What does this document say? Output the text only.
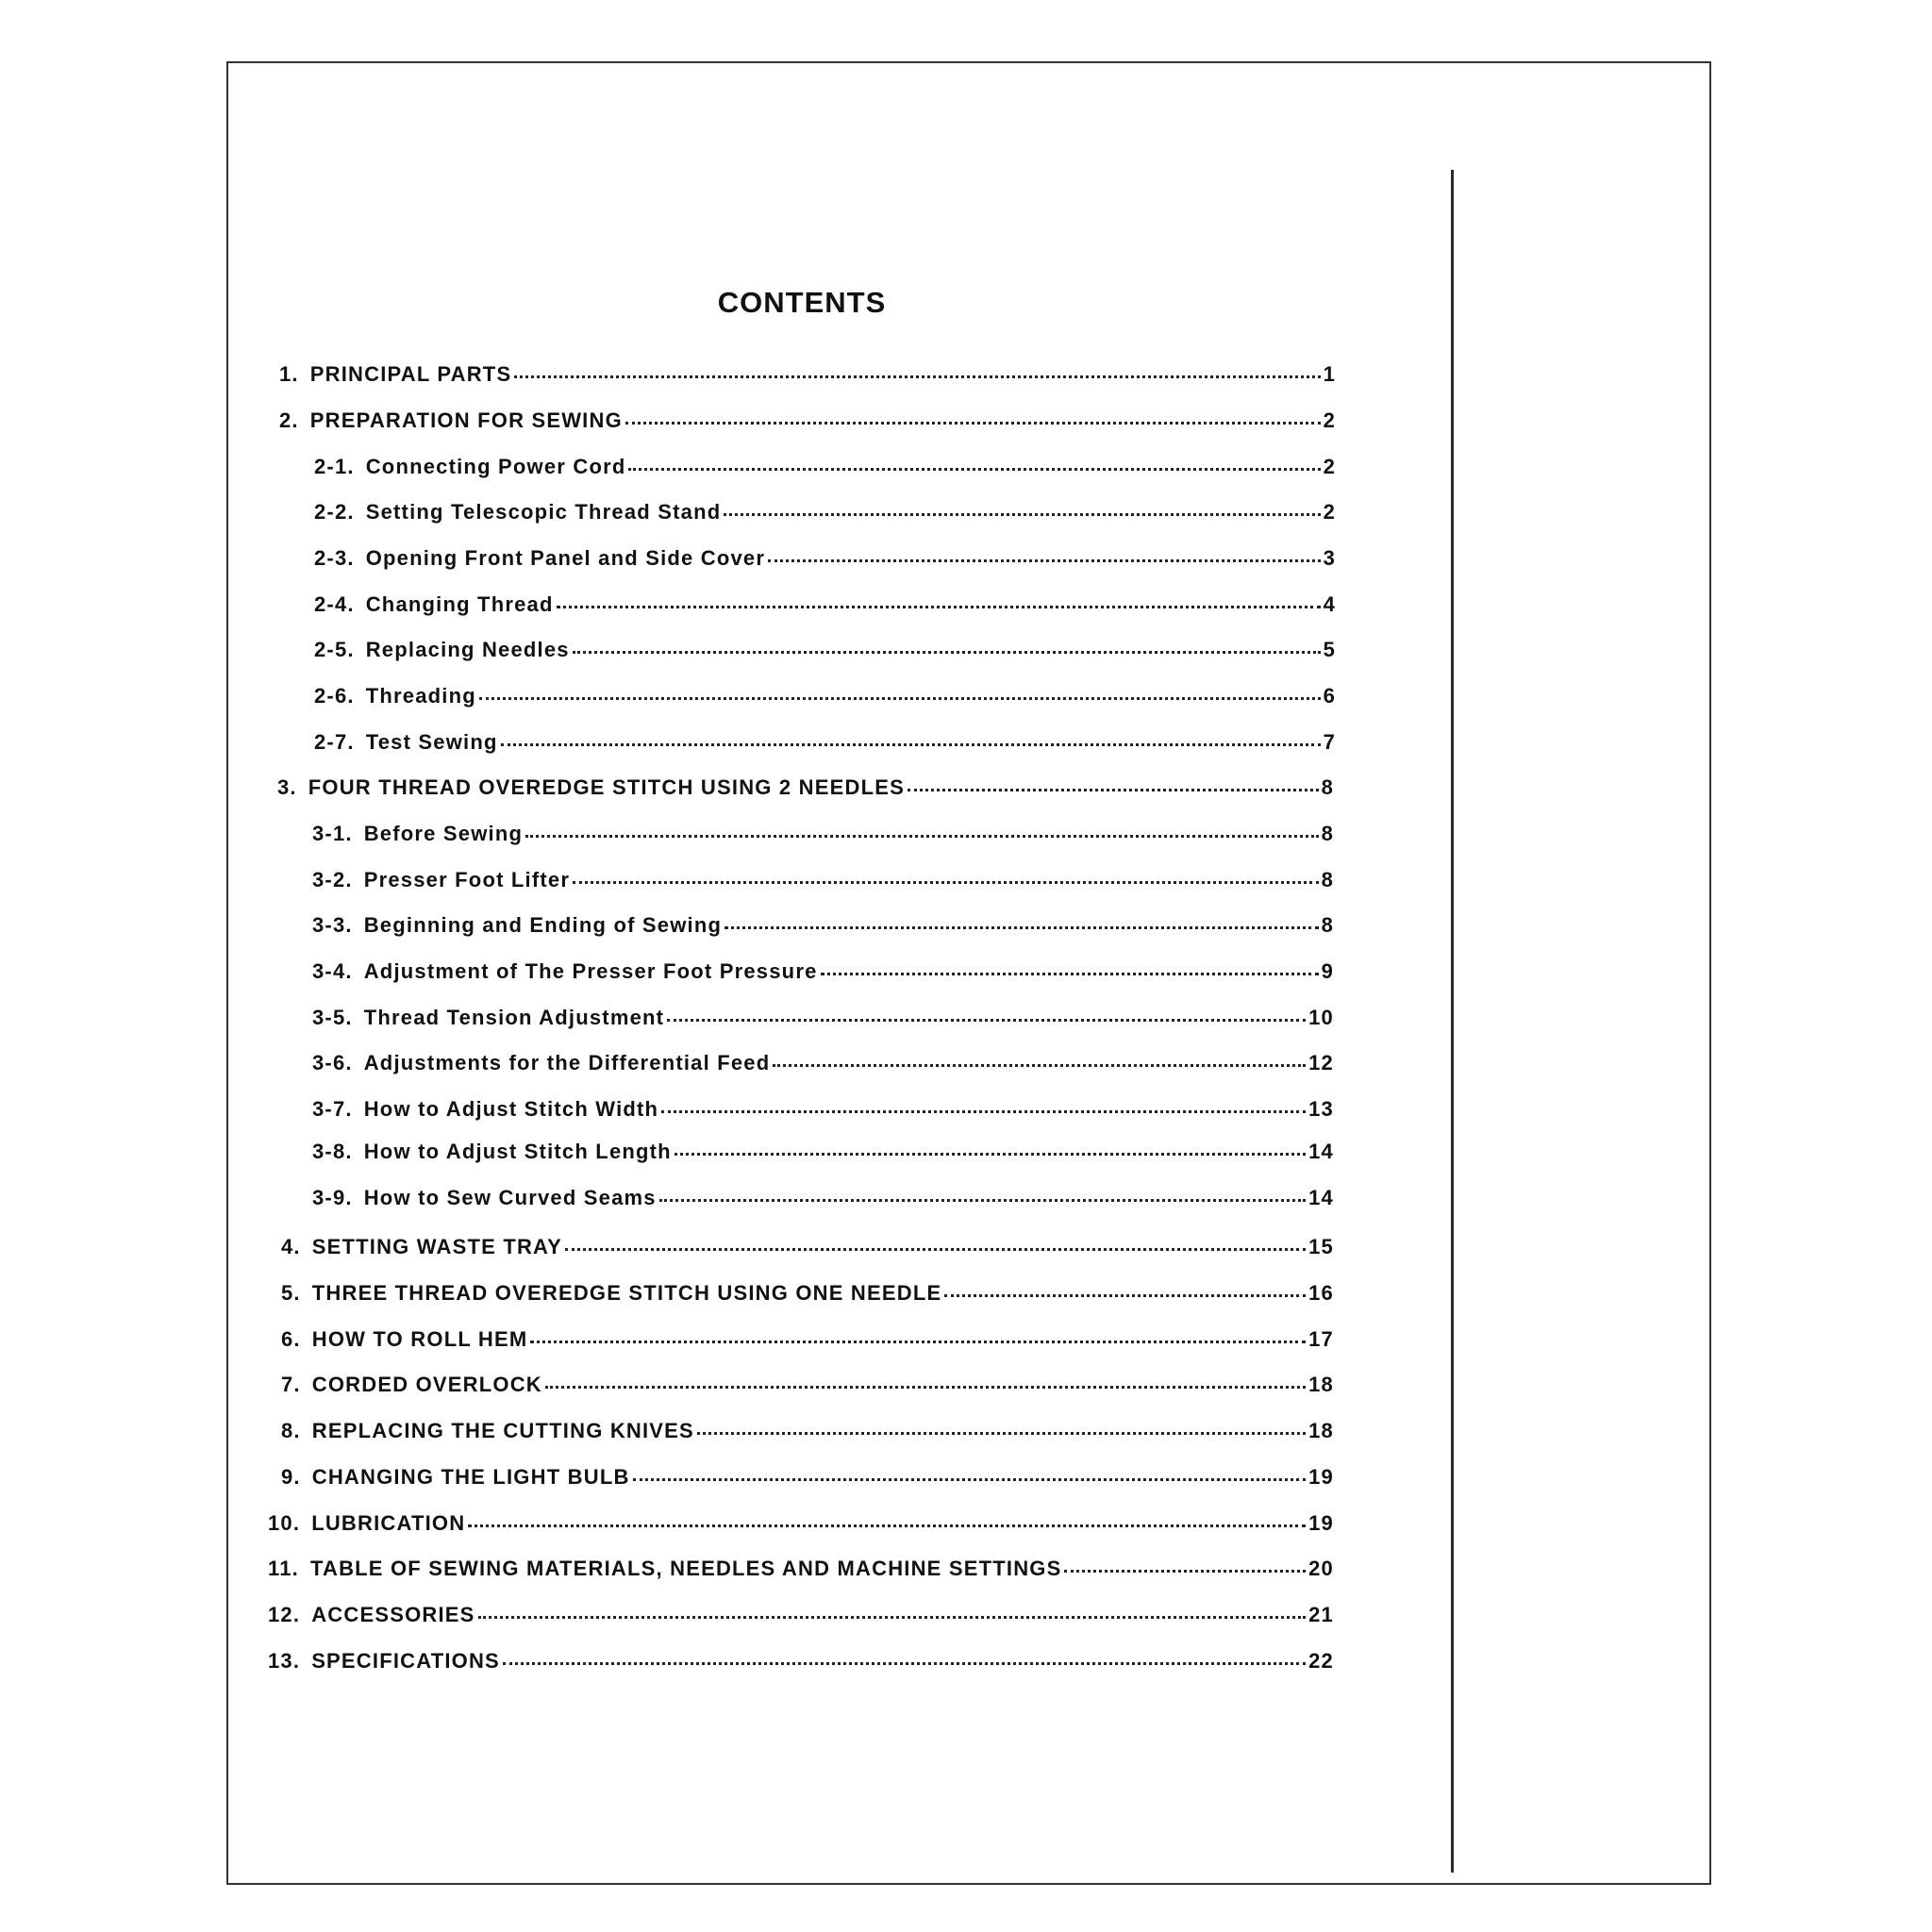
CONTENTS
1. PRINCIPAL PARTS	1
2. PREPARATION FOR SEWING	2
2-1. Connecting Power Cord	2
2-2. Setting Telescopic Thread Stand	2
2-3. Opening Front Panel and Side Cover	3
2-4. Changing Thread	4
2-5. Replacing Needles	5
2-6. Threading	6
2-7. Test Sewing	7
3. FOUR THREAD OVEREDGE STITCH USING 2 NEEDLES	8
3-1. Before Sewing	8
3-2. Presser Foot Lifter	8
3-3. Beginning and Ending of Sewing	8
3-4. Adjustment of The Presser Foot Pressure	9
3-5. Thread Tension Adjustment	10
3-6. Adjustments for the Differential Feed	12
3-7. How to Adjust Stitch Width	13
3-8. How to Adjust Stitch Length	14
3-9. How to Sew Curved Seams	14
4. SETTING WASTE TRAY	15
5. THREE THREAD OVEREDGE STITCH USING ONE NEEDLE	16
6. HOW TO ROLL HEM	17
7. CORDED OVERLOCK	18
8. REPLACING THE CUTTING KNIVES	18
9. CHANGING THE LIGHT BULB	19
10. LUBRICATION	19
11. TABLE OF SEWING MATERIALS, NEEDLES AND MACHINE SETTINGS	20
12. ACCESSORIES	21
13. SPECIFICATIONS	22
